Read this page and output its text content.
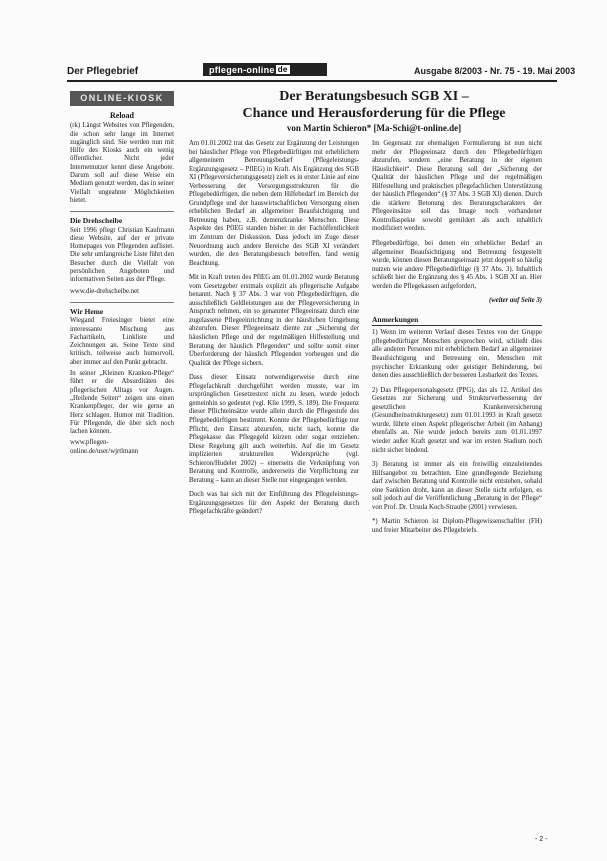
Der Pflegebrief	pflegen-online de	Ausgabe 8/2003 - Nr. 75 - 19. Mai 2003
ONLINE-KIOSK
Reload

(rk) Längst Websites von Pflegenden, die schon sehr lange im Internet zugänglich sind. Sie werden nun mit Hilfe des Kiosks auch ein wenig öffentlicher. Nicht jeder Internetnutzer kennt diese Angebote. Darum soll auf diese Weise ein Medium genutzt werden, das in seiner Vielfalt ungeahnte Möglichkeiten bietet.

Die Drehscheibe

Seit 1996 pflegt Christian Kaufmann diese Website, auf der er private Homepages von Pflegenden auflistet. Die sehr umfangreiche Liste führt den Besucher durch die Vielfalt von persönlichen Angeboten und informativen Seiten aus der Pflege.

www.die-drehscheibe.net

Wir Heme

Wiegand Freiesinger bietet eine interessante Mischung aus Fachartikeln, Linkliste und Zeichnungen an. Seine Texte sind kritisch, teilweise auch humorvoll, aber immer auf den Punkt gebracht.

In seiner „Kleinen Kranken-Pflege“ führt er die Absurditäten des pflegerischen Alltags vor Augen. „Heilende Seiten“ zeigen uns einen Krankenpfleger, der wie gerne an Herz schlagen. Humor mit Tradition. Für Pflegende, die über sich noch lachen können.

www.pflegen-online.de/user/wjrtlmann

Der Beratungsbesuch SGB XI –
Chance und Herausforderung für die Pflege
von Martin Schieron* [Ma-Schi@t-online.de]

Am 01.01.2002 trat das Gesetz zur Ergänzung der Leistungen bei häuslicher Pflege von Pflegebedürftigen mit erheblichem allgemeinem Betreuungsbedarf (Pflegeleistungs-Ergänzungsgesetz – PflEG) in Kraft. Als Ergänzung des SGB XI (Pflegeversicherungsgesetz) zielt es in erster Linie auf eine Verbesserung der Versorgungsstrukturen für die Pflegebedürftigen, die neben dem Hilfebedarf im Bereich der Grundpflege und der hauswirtschaftlichen Versorgung einen erheblichen Bedarf an allgemeiner Beaufsichtigung und Betreuung haben, z.B. demenzkranke Menschen. Diese Aspekte des PflEG standen bisher in der Fachöffentlichkeit im Zentrum der Diskussion. Dass jedoch im Zuge dieser Neuordnung auch andere Bereiche des SGB XI verändert wurden, die den Beratungsbesuch betreffen, fand wenig Beachtung.

Mit in Kraft treten des PflEG am 01.01.2002 wurde Beratung vom Gesetzgeber erstmals explizit als pflegerische Aufgabe benannt. Nach § 37 Abs. 3 war von Pflegebedürftigen, die ausschließlich Geldleistungen aus der Pflegeversicherung in Anspruch nehmen, ein so genannter Pflegeeinsatz durch eine zugelassene Pflegeeinrichtung in der häuslichen Umgebung abzurufen. Dieser Pflegeeinsatz diente zur „Sicherung der häuslichen Pflege und der regelmäßigen Hilfestellung und Beratung der häuslich Pflegenden“ und sollte somit einer Überforderung der häuslich Pflegenden vorbeugen und die Qualität der Pflege sichern.

Dass dieser Einsatz notwendigerweise durch eine Pflegefachkraft durchgeführt werden musste, war im ursprünglichen Gesetzestext nicht zu lesen, wurde jedoch gemeinhin so gedeutet (vgl. Klie 1999, S. 189). Die Frequenz dieser Pflichteinsätze wurde allein durch die Pflegestufe des Pflegebedürftigen bestimmt. Konnte der Pflegebedürftige nur Pflicht, den Einsatz abzurufen, nicht nach, konnte die Pflegekasse das Pflegegeld kürzen oder sogar entziehen. Diese Regelung gilt auch weiterhin. Auf die im Gesetz implizierten strukturellen Widersprüche (vgl. Schieron/Hudelet 2002) – einerseits die Verknüpfung von Beratung und Kontrolle, andererseits die Verpflichtung zur Beratung – kann an dieser Stelle nur eingegangen werden.

Doch was hat sich mit der Einführung des Pflegeleistungs-Ergänzungsgesetzes für den Aspekt der Beratung durch Pflegefachkräfte geändert?

Im Gegensatz zur ehemaligen Formulierung ist nun nicht mehr der Pflegeeinsatz durch den Pflegebedürftigen abzurufen, sondern „eine Beratung in der eigenen Häuslichkeit“. Diese Beratung soll der „Sicherung der Qualität der häuslichen Pflege und der regelmäßigen Hilfestellung und praktischen pflegefachlichen Unterstützung der häuslich Pflegenden“ (§ 37 Abs. 3 SGB XI) dienen. Durch die stärkere Betonung des Beratungscharakters der Pflegeeinsätze soll das Image noch vorhandener Kontrollaspekte sowohl gemildert als auch inhaltlich modifiziert werden.

Pflegebedürftige, bei denen ein erheblicher Bedarf an allgemeiner Beaufsichtigung und Betreuung festgestellt wurde, können diesen Beratungseinsatz jetzt doppelt so häufig nutzen wie andere Pflegebedürftige (§ 37 Abs. 3). Inhaltlich schließt hier die Ergänzung des § 45 Abs. 1 SGB XI an. Hier werden die Pflegekassen aufgefordert,

(weiter auf Seite 3)
Anmerkungen

1) Wenn im weiteren Verlauf dieses Textes von der Gruppe pflegebedürftiger Menschen gesprochen wird, schließt dies alle anderen Personen mit erheblichem Bedarf an allgemeiner Beaufsichtigung und Betreuung ein, Menschen mit psychischer Erkrankung oder geistiger Behinderung, bei denen dies ausschließlich der besseren Lesbarkeit des Textes.

2) Das Pflegepersonalsgesetz (PPG), das als 12. Artikel des Gesetzes zur Sicherung und Strukturverbesserung der gesetzlichen Krankenversicherung (Gesundheitsstrukturgesetz) zum 01.01.1993 in Kraft gesetzt wurde, führte einen Aspekt pflegerischer Arbeit (im Anhang) ebenfalls an. Nie wurde jedoch bereits zum 01.01.1997 wieder außer Kraft gesetzt und war im ersten Stadium noch nicht sicher bindend.

3) Beratung ist immer als ein freiwillig einzuleitendes Hilfsangebot zu betrachten. Eine grundlegende Beziehung darf zwischen Beratung und Kontrolle nicht entstehen, sobald eine Sanktion droht, kann an dieser Stelle nicht erfolgen, es soll jedoch auf die Veröffentlichung „Beratung in der Pflege“ von Prof. Dr. Ursula Koch-Straube (2001) verwiesen.

*) Martin Schieron ist Diplom-Pflegewissenschaftler (FH) und freier Mitarbeiter des Pflegebriefs.

- 2 -
